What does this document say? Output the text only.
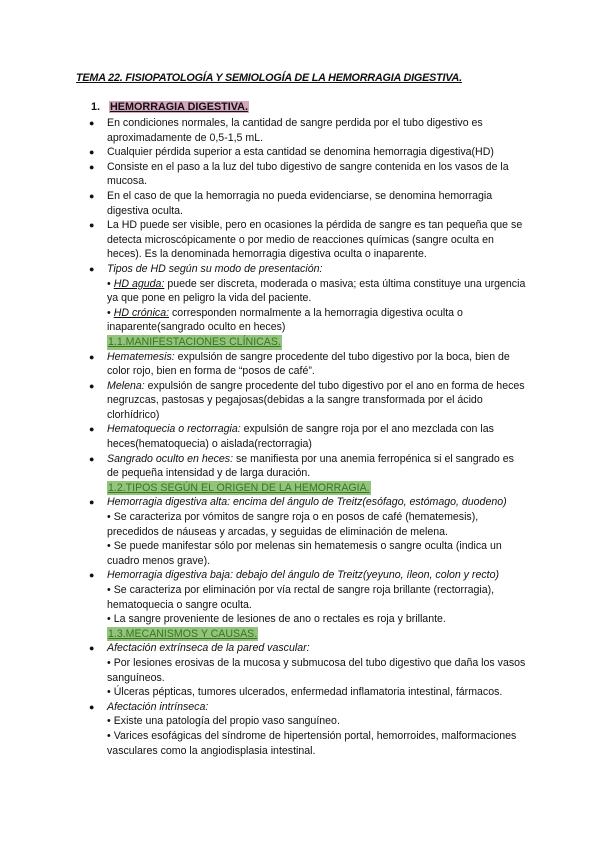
TEMA 22. FISIOPATOLOGÍA Y SEMIOLOGÍA DE LA HEMORRAGIA DIGESTIVA.
1. HEMORRAGIA DIGESTIVA.

● En condiciones normales, la cantidad de sangre perdida por el tubo digestivo es aproximadamente de 0,5-1,5 mL.

● Cualquier pérdida superior a esta cantidad se denomina hemorragia digestiva(HD)

● Consiste en el paso a la luz del tubo digestivo de sangre contenida en los vasos de la mucosa.

● En el caso de que la hemorragia no pueda evidenciarse, se denomina hemorragia digestiva oculta.

● La HD puede ser visible, pero en ocasiones la pérdida de sangre es tan pequeña que se detecta microscópicamente o por medio de reacciones químicas (sangre oculta en heces). Es la denominada hemorragia digestiva oculta o inaparente.

● Tipos de HD según su modo de presentación:

• HD aguda: puede ser discreta, moderada o masiva; esta última constituye una urgencia ya que pone en peligro la vida del paciente.

• HD crónica: corresponden normalmente a la hemorragia digestiva oculta o inaparente(sangrado oculto en heces)

1.1.MANIFESTACIONES CLÍNICAS.

● Hematemesis: expulsión de sangre procedente del tubo digestivo por la boca, bien de color rojo, bien en forma de “posos de café”.

● Melena: expulsión de sangre procedente del tubo digestivo por el ano en forma de heces negruzcas, pastosas y pegajosas(debidas a la sangre transformada por el ácido clorhídrico)

● Hematoquecia o rectorragia: expulsión de sangre roja por el ano mezclada con las heces(hematoquecia) o aislada(rectorragia)

● Sangrado oculto en heces: se manifiesta por una anemia ferropénica si el sangrado es de pequeña intensidad y de larga duración.

1.2.TIPOS SEGÚN EL ORIGEN DE LA HEMORRAGIA.

● Hemorragia digestiva alta: encima del ángulo de Treitz(esófago, estómago, duodeno)

• Se caracteriza por vómitos de sangre roja o en posos de café (hematemesis), precedidos de náuseas y arcadas, y seguidas de eliminación de melena.

• Se puede manifestar sólo por melenas sin hematemesis o sangre oculta (indica un cuadro menos grave).

● Hemorragia digestiva baja: debajo del ángulo de Treitz(yeyuno, íleon, colon y recto)

• Se caracteriza por eliminación por vía rectal de sangre roja brillante (rectorragia), hematoquecia o sangre oculta.

• La sangre proveniente de lesiones de ano o rectales es roja y brillante.

1.3.MECANISMOS Y CAUSAS.

● Afectación extrínseca de la pared vascular:

• Por lesiones erosivas de la mucosa y submucosa del tubo digestivo que daña los vasos sanguíneos.

• Úlceras pépticas, tumores ulcerados, enfermedad inflamatoria intestinal, fármacos.

● Afectación intrínseca:

• Existe una patología del propio vaso sanguíneo.

• Varices esofágicas del síndrome de hipertensión portal, hemorroides, malformaciones vasculares como la angiodisplasia intestinal.
